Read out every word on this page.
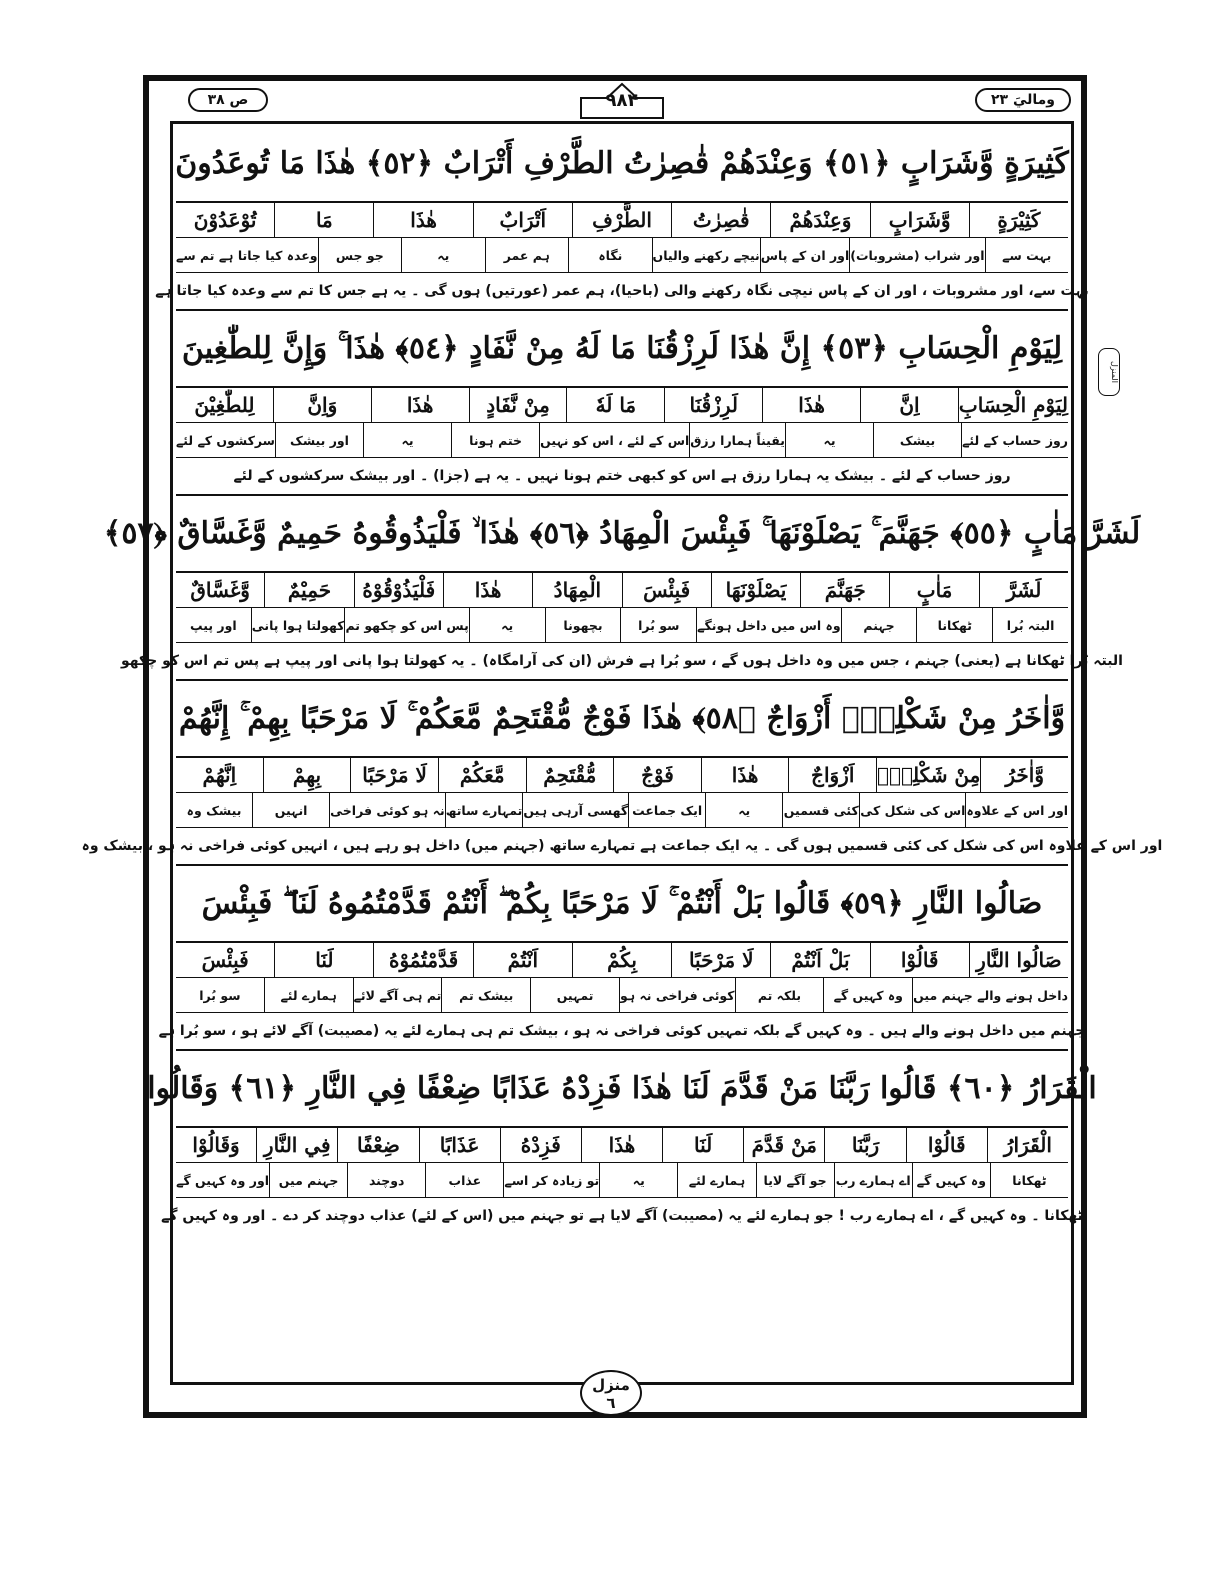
وماليَ ۲۳
ص ۳۸	۹۸۴
المنزل
كَثِيرَةٍ وَّشَرَابٍ ﴿٥١﴾ وَعِنْدَهُمْ قٰصِرٰتُ الطَّرْفِ أَتْرَابٌ ﴿٥٢﴾ هٰذَا مَا تُوعَدُونَ
كَثِيْرَةٍ
وَّشَرَابٍ
وَعِنْدَهُمْ
قٰصِرٰتُ
الطَّرْفِ
اَتْرَابٌ
هٰذَا
مَا
تُوْعَدُوْنَ
بہت سے
اور شراب (مشروبات)
اور ان کے پاس
نیچے رکھنے والیاں
نگاہ
ہم عمر
یہ
جو جس
وعدہ کیا جاتا ہے تم سے
بہت سے، اور مشروبات ، اور ان کے پاس نیچی نگاہ رکھنے والی (باحیا)، ہم عمر (عورتیں) ہوں گی ۔ یہ ہے جس کا تم سے وعدہ کیا جاتا ہے
لِيَوْمِ الْحِسَابِ ﴿٥٣﴾ إِنَّ هٰذَا لَرِزْقُنَا مَا لَهُ مِنْ نَّفَادٍ ﴿٥٤﴾ هٰذَا ۚ وَإِنَّ لِلطّٰغِينَ
لِيَوْمِ الْحِسَابِ
اِنَّ
هٰذَا
لَرِزْقُنَا
مَا لَهٗ
مِنْ نَّفَادٍ
هٰذَا
وَاِنَّ
لِلطّٰغِيْنَ
روز حساب کے لئے
بیشک
یہ
یقیناً ہمارا رزق
اس کے لئے ، اس کو نہیں
ختم ہونا
یہ
اور بیشک
سرکشوں کے لئے
روز حساب کے لئے ۔ بیشک یہ ہمارا رزق ہے اس کو کبھی ختم ہونا نہیں ۔ یہ ہے (جزا) ۔ اور بیشک سرکشوں کے لئے
لَشَرَّ مَاٰبٍ ﴿٥٥﴾ جَهَنَّمَ ۚ يَصْلَوْنَهَا ۚ فَبِئْسَ الْمِهَادُ ﴿٥٦﴾ هٰذَا ۙ فَلْيَذُوقُوهُ حَمِيمٌ وَّغَسَّاقٌ ﴿٥٧﴾
لَشَرَّ
مَاٰبٍ
جَهَنَّمَ
يَصْلَوْنَهَا
فَبِئْسَ
الْمِهَادُ
هٰذَا
فَلْيَذُوْقُوْهُ
حَمِيْمٌ
وَّغَسَّاقٌ
البتہ بُرا
ٹھکانا
جہنم
وہ اس میں داخل ہونگے
سو بُرا
بچھونا
یہ
پس اس کو چکھو تم
کھولتا ہوا پانی
اور پیپ
البتہ بُرا ٹھکانا ہے (یعنی) جہنم ، جس میں وہ داخل ہوں گے ، سو بُرا ہے فرش (ان کی آرامگاہ) ۔ یہ کھولتا ہوا پانی اور پیپ ہے پس تم اس کو چکھو
وَّاٰخَرُ مِنْ شَكْلِهٖٓ أَزْوَاجٌ ﴿٥٨﴾ هٰذَا فَوْجٌ مُّقْتَحِمٌ مَّعَكُمْ ۚ لَا مَرْحَبًا بِهِمْ ۚ إِنَّهُمْ
وَّاٰخَرُ
مِنْ شَكْلِهٖٓ
اَزْوَاجٌ
هٰذَا
فَوْجٌ
مُّقْتَحِمٌ
مَّعَكُمْ
لَا مَرْحَبًا
بِهِمْ
اِنَّهُمْ
اور اس کے علاوہ
اس کی شکل کی
کئی قسمیں
یہ
ایک جماعت
گھسی آرہی ہیں
تمہارے ساتھ
نہ ہو کوئی فراخی
انہیں
بیشک وہ
اور اس کے علاوہ اس کی شکل کی کئی قسمیں ہوں گی ۔ یہ ایک جماعت ہے تمہارے ساتھ (جہنم میں) داخل ہو رہے ہیں ، انہیں کوئی فراخی نہ ہو ، بیشک وہ
صَالُوا النَّارِ ﴿٥٩﴾ قَالُوا بَلْ أَنْتُمْ ۚ لَا مَرْحَبًا بِكُمْ ۖ أَنْتُمْ قَدَّمْتُمُوهُ لَنَا ۖ فَبِئْسَ
صَالُوا النَّارِ
قَالُوْا
بَلْ اَنْتُمْ
لَا مَرْحَبًا
بِكُمْ
اَنْتُمْ
قَدَّمْتُمُوْهُ
لَنَا
فَبِئْسَ
داخل ہونے والے جہنم میں
وہ کہیں گے
بلکہ تم
کوئی فراخی نہ ہو
تمہیں
بیشک تم
تم ہی آگے لائے
ہمارے لئے
سو بُرا
جہنم میں داخل ہونے والے ہیں ۔ وہ کہیں گے بلکہ تمہیں کوئی فراخی نہ ہو ، بیشک تم ہی ہمارے لئے یہ (مصیبت) آگے لائے ہو ، سو بُرا ہے
الْقَرَارُ ﴿٦٠﴾ قَالُوا رَبَّنَا مَنْ قَدَّمَ لَنَا هٰذَا فَزِدْهُ عَذَابًا ضِعْفًا فِي النَّارِ ﴿٦١﴾ وَقَالُوا
الْقَرَارُ
قَالُوْا
رَبَّنَا
مَنْ قَدَّمَ
لَنَا
هٰذَا
فَزِدْهُ
عَذَابًا
ضِعْفًا
فِي النَّارِ
وَقَالُوْا
ٹھکانا
وہ کہیں گے
اے ہمارے رب
جو آگے لایا
ہمارے لئے
یہ
تو زیادہ کر اسے
عذاب
دوچند
جہنم میں
اور وہ کہیں گے
ٹھکانا ۔ وہ کہیں گے ، اے ہمارے رب ! جو ہمارے لئے یہ (مصیبت) آگے لایا ہے تو جہنم میں (اس کے لئے) عذاب دوچند کر دے ۔ اور وہ کہیں گے
منزل
٦
